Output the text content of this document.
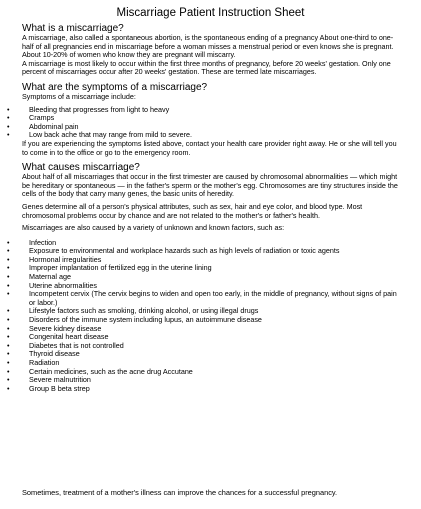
Miscarriage Patient Instruction Sheet
What is a miscarriage?

A miscarriage, also called a spontaneous abortion, is the spontaneous ending of a pregnancy About one-third to one-half of all pregnancies end in miscarriage before a woman misses a menstrual period or even knows she is pregnant. About 10-20% of women who know they are pregnant will miscarry.

A miscarriage is most likely to occur within the first three months of pregnancy, before 20 weeks' gestation. Only one percent of miscarriages occur after 20 weeks' gestation. These are termed late miscarriages.

What are the symptoms of a miscarriage?

Symptoms of a miscarriage include:

• Bleeding that progresses from light to heavy
• Cramps
• Abdominal pain
• Low back ache that may range from mild to severe.

If you are experiencing the symptoms listed above, contact your health care provider right away. He or she will tell you to come in to the office or go to the emergency room.

What causes miscarriage?

About half of all miscarriages that occur in the first trimester are caused by chromosomal abnormalities — which might be hereditary or spontaneous — in the father's sperm or the mother's egg. Chromosomes are tiny structures inside the cells of the body that carry many genes, the basic units of heredity.

Genes determine all of a person's physical attributes, such as sex, hair and eye color, and blood type. Most chromosomal problems occur by chance and are not related to the mother's or father's health.

Miscarriages are also caused by a variety of unknown and known factors, such as:

• Infection
• Exposure to environmental and workplace hazards such as high levels of radiation or toxic agents
• Hormonal irregularities
• Improper implantation of fertilized egg in the uterine lining
• Maternal age
• Uterine abnormalities
• Incompetent cervix (The cervix begins to widen and open too early, in the middle of pregnancy, without signs of pain or labor.)
• Lifestyle factors such as smoking, drinking alcohol, or using illegal drugs
• Disorders of the immune system including lupus, an autoimmune disease
• Severe kidney disease
• Congenital heart disease
• Diabetes that is not controlled
• Thyroid disease
• Radiation
• Certain medicines, such as the acne drug Accutane
• Severe malnutrition
• Group B beta strep

Sometimes, treatment of a mother's illness can improve the chances for a successful pregnancy.
